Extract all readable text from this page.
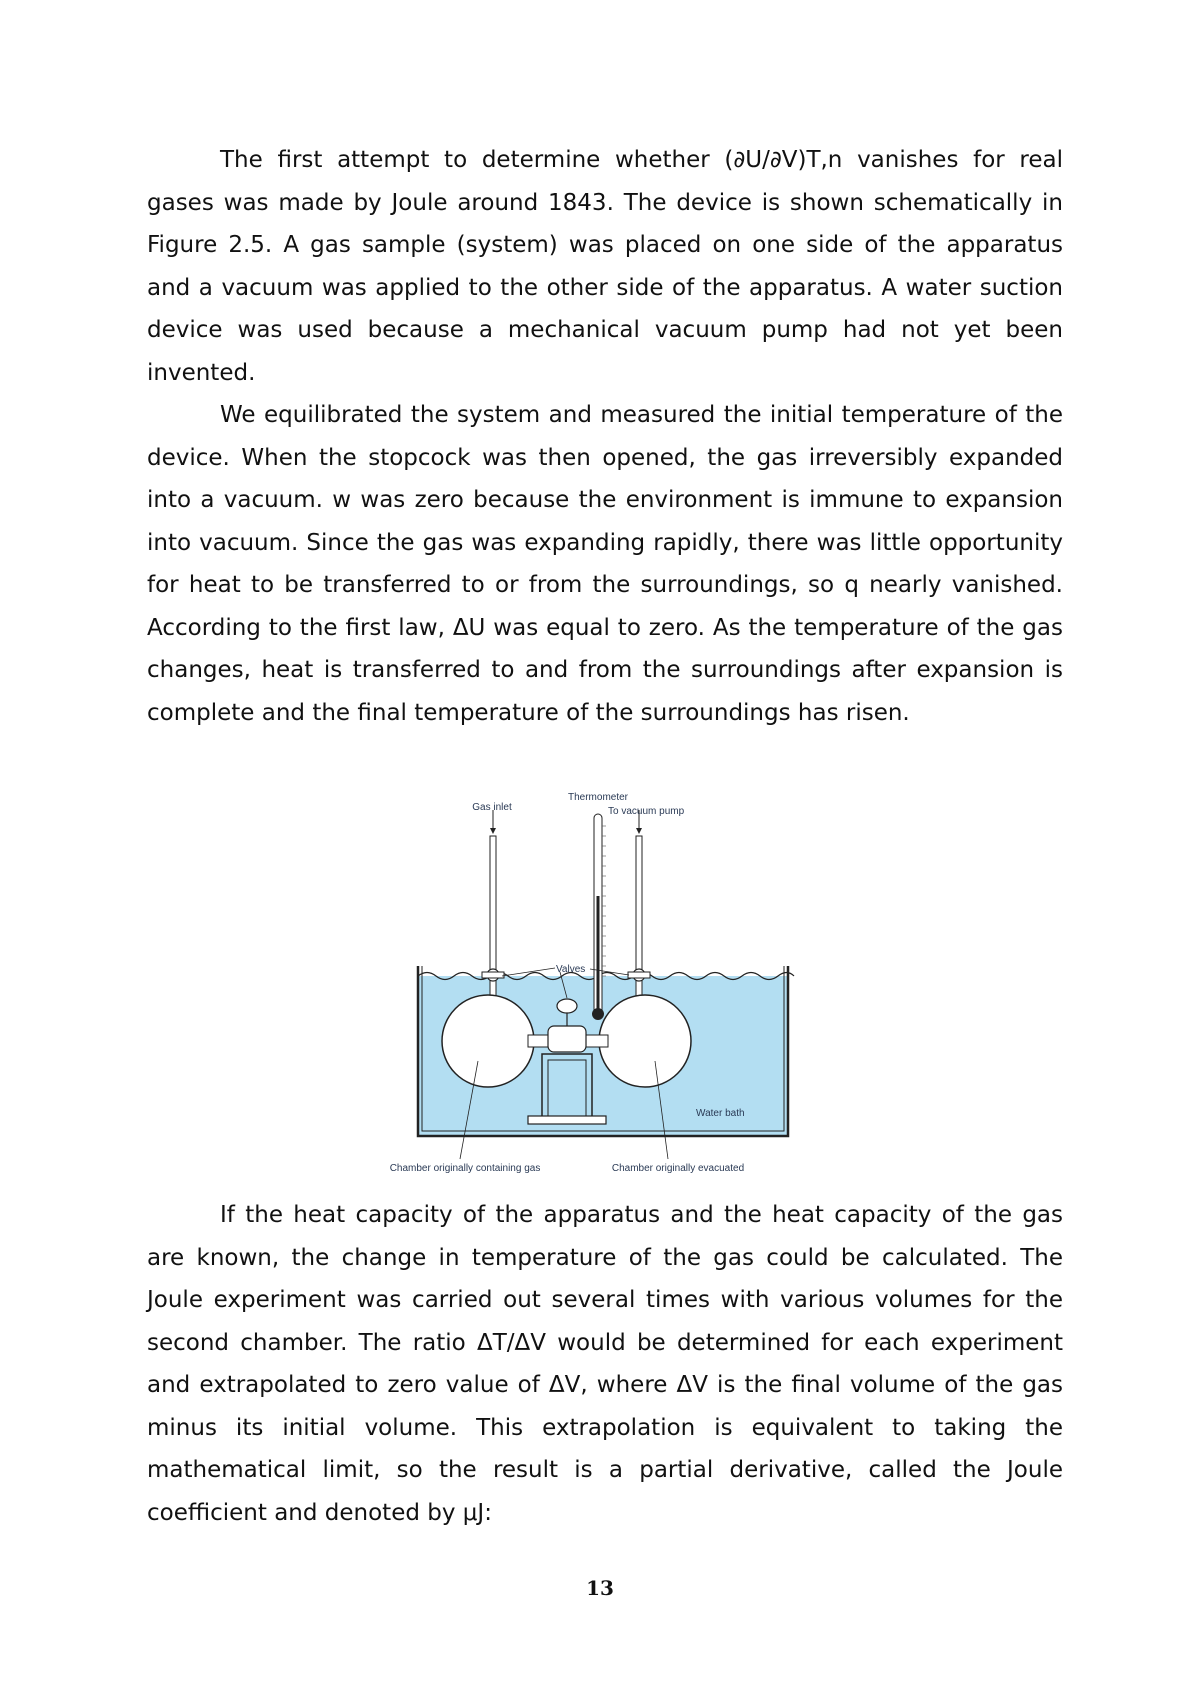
The first attempt to determine whether (∂U/∂V)T,n vanishes for real gases was made by Joule around 1843. The device is shown schematically in Figure 2.5. A gas sample (system) was placed on one side of the apparatus and a vacuum was applied to the other side of the apparatus. A water suction device was used because a mechanical vacuum pump had not yet been invented.

We equilibrated the system and measured the initial temperature of the device. When the stopcock was then opened, the gas irreversibly expanded into a vacuum. w was zero because the environment is immune to expansion into vacuum. Since the gas was expanding rapidly, there was little opportunity for heat to be transferred to or from the surroundings, so q nearly vanished. According to the first law, ΔU was equal to zero. As the temperature of the gas changes, heat is transferred to and from the surroundings after expansion is complete and the final temperature of the surroundings has risen.

Thermometer
Gas inlet	To vacuum pump
Valves
Water bath
Chamber originally containing gas	Chamber originally evacuated

If the heat capacity of the apparatus and the heat capacity of the gas are known, the change in temperature of the gas could be calculated. The Joule experiment was carried out several times with various volumes for the second chamber. The ratio ΔT/ΔV would be determined for each experiment and extrapolated to zero value of ΔV, where ΔV is the final volume of the gas minus its initial volume. This extrapolation is equivalent to taking the mathematical limit, so the result is a partial derivative, called the Joule coefficient and denoted by μJ:

13
